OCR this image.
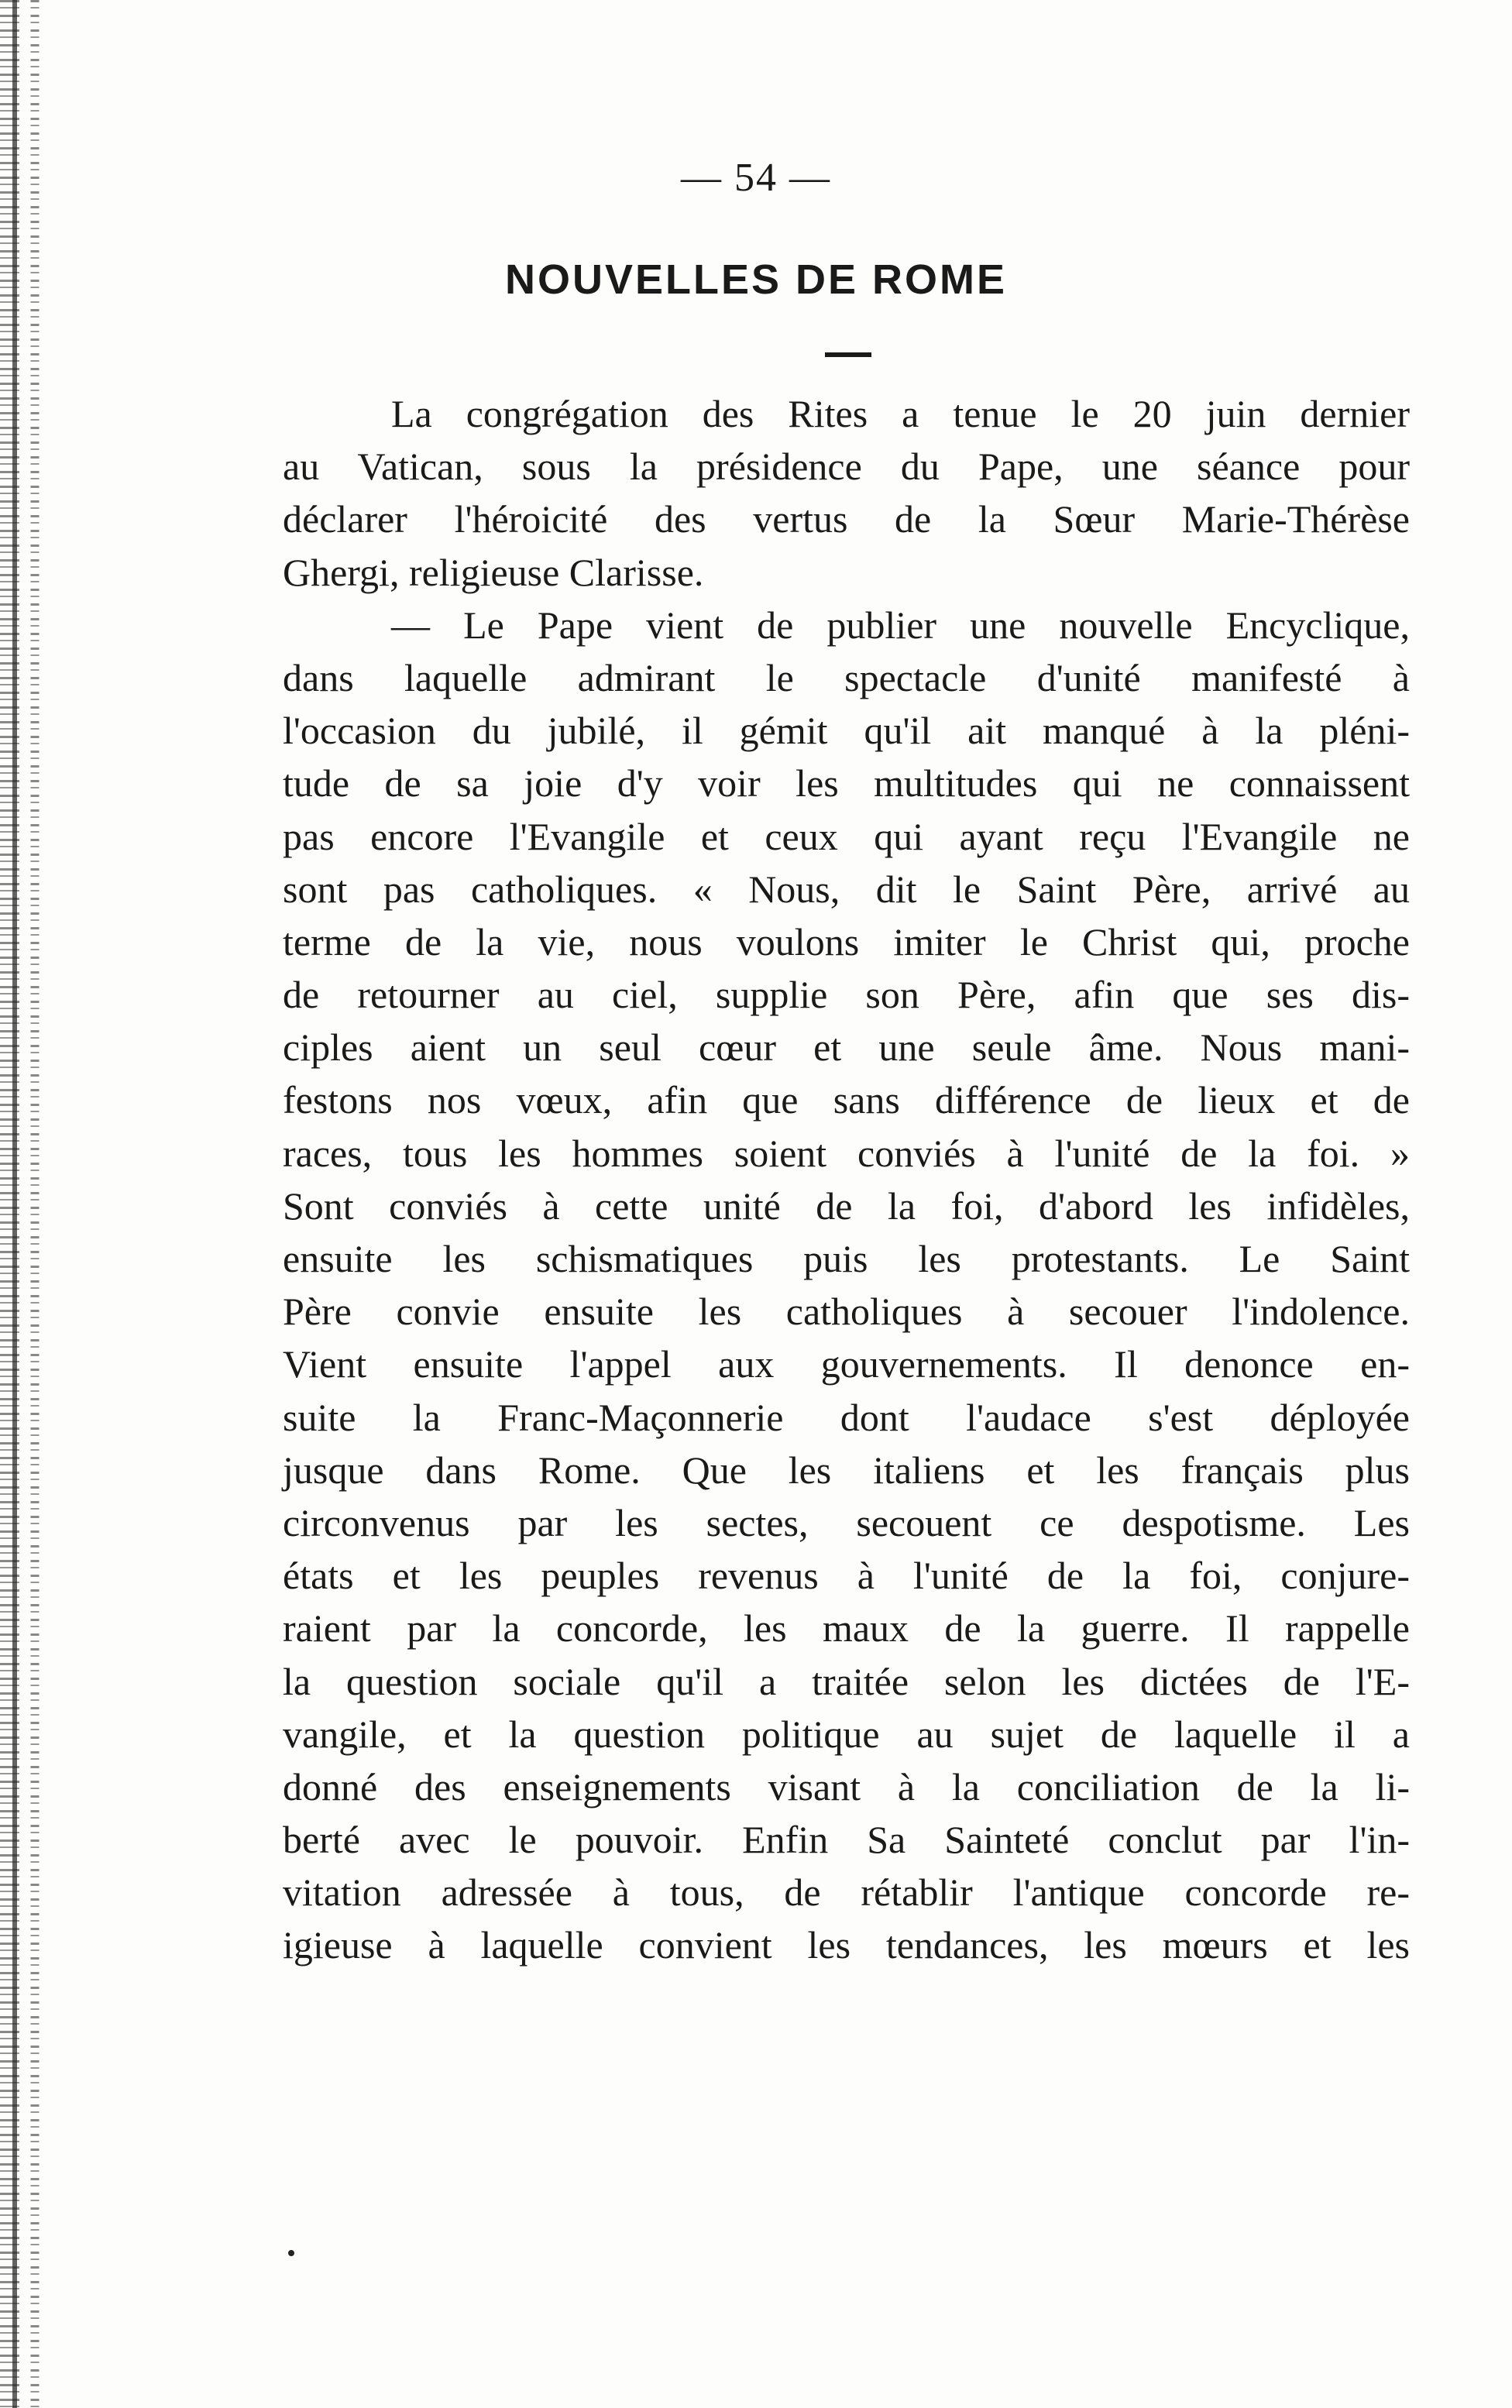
— 54 —
NOUVELLES DE ROME
La congrégation des Rites a tenue le 20 juin dernier
au Vatican, sous la présidence du Pape, une séance pour
déclarer l'héroicité des vertus de la Sœur Marie-Thérèse
Ghergi, religieuse Clarisse.
— Le Pape vient de publier une nouvelle Encyclique,
dans laquelle admirant le spectacle d'unité manifesté à
l'occasion du jubilé, il gémit qu'il ait manqué à la pléni-
tude de sa joie d'y voir les multitudes qui ne connaissent
pas encore l'Evangile et ceux qui ayant reçu l'Evangile ne
sont pas catholiques. « Nous, dit le Saint Père, arrivé au
terme de la vie, nous voulons imiter le Christ qui, proche
de retourner au ciel, supplie son Père, afin que ses dis-
ciples aient un seul cœur et une seule âme. Nous mani-
festons nos vœux, afin que sans différence de lieux et de
races, tous les hommes soient conviés à l'unité de la foi. »
Sont conviés à cette unité de la foi, d'abord les infidèles,
ensuite les schismatiques puis les protestants. Le Saint
Père convie ensuite les catholiques à secouer l'indolence.
Vient ensuite l'appel aux gouvernements. Il denonce en-
suite la Franc-Maçonnerie dont l'audace s'est déployée
jusque dans Rome. Que les italiens et les français plus
circonvenus par les sectes, secouent ce despotisme. Les
états et les peuples revenus à l'unité de la foi, conjure-
raient par la concorde, les maux de la guerre. Il rappelle
la question sociale qu'il a traitée selon les dictées de l'E-
vangile, et la question politique au sujet de laquelle il a
donné des enseignements visant à la conciliation de la li-
berté avec le pouvoir. Enfin Sa Sainteté conclut par l'in-
vitation adressée à tous, de rétablir l'antique concorde re-
igieuse à laquelle convient les tendances, les mœurs et les
